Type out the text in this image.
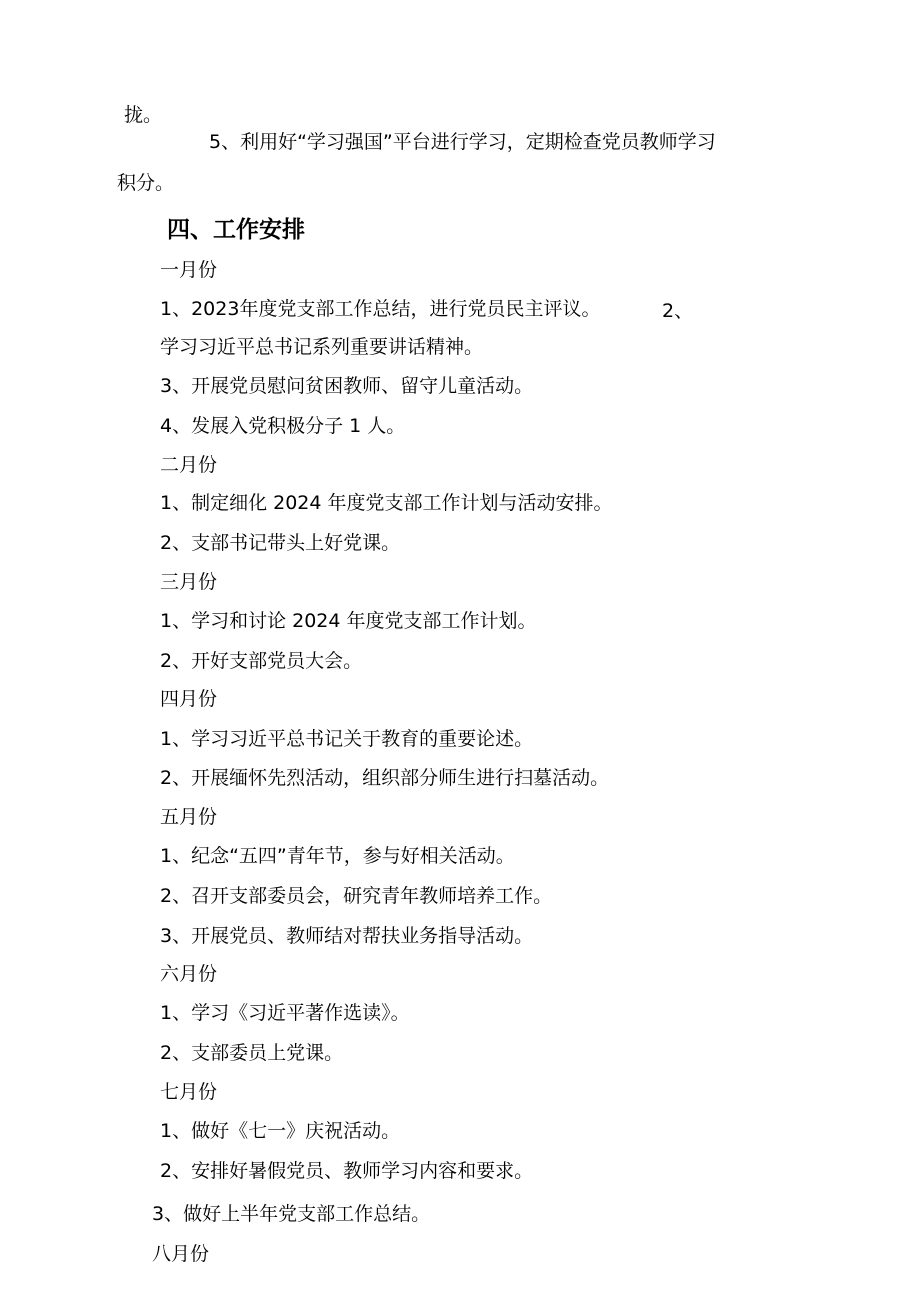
拢。
5、利用好“学习强国”平台进行学习，定期检查党员教师学习
积分。
四、工作安排
一月份
1、2023年度党支部工作总结，进行党员民主评议。	2、
学习习近平总书记系列重要讲话精神。
3、开展党员慰问贫困教师、留守儿童活动。
4、发展入党积极分子 1 人。
二月份
1、制定细化 2024 年度党支部工作计划与活动安排。
2、支部书记带头上好党课。
三月份
1、学习和讨论 2024 年度党支部工作计划。
2、开好支部党员大会。
四月份
1、学习习近平总书记关于教育的重要论述。
2、开展缅怀先烈活动，组织部分师生进行扫墓活动。
五月份
1、纪念“五四”青年节，参与好相关活动。
2、召开支部委员会，研究青年教师培养工作。
3、开展党员、教师结对帮扶业务指导活动。
六月份
1、学习《习近平著作选读》。
2、支部委员上党课。
七月份
1、做好《七一》庆祝活动。
2、安排好暑假党员、教师学习内容和要求。
3、做好上半年党支部工作总结。
八月份
